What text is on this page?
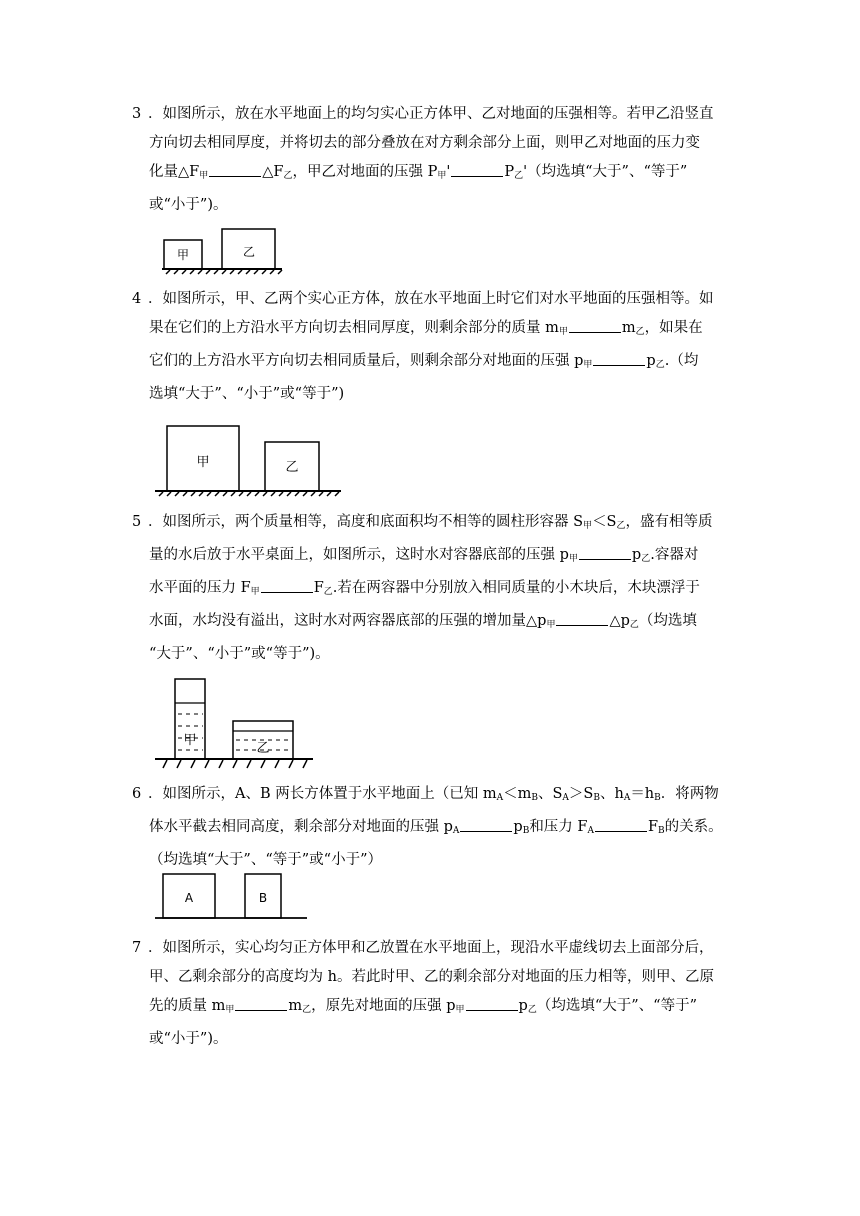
3 ．如图所示，放在水平地面上的均匀实心正方体甲、乙对地面的压强相等。若甲乙沿竖直

方向切去相同厚度，并将切去的部分叠放在对方剩余部分上面，则甲乙对地面的压力变

化量$\triangle F_甲$	$\triangle F_乙$，甲乙对地面的压强 $P_甲'$	$P_乙'$（均选填“大于”、“等于”

或“小于”)。

甲	乙

4 ．如图所示，甲、乙两个实心正方体，放在水平地面上时它们对水平地面的压强相等。如

果在它们的上方沿水平方向切去相同厚度，则剩余部分的质量 $m_甲$	$m_乙$，如果在

它们的上方沿水平方向切去相同质量后，则剩余部分对地面的压强 $p_甲$	$p_乙$.（均

选填“大于”、“小于”或“等于”)

甲	乙

5 ．如图所示，两个质量相等，高度和底面积均不相等的圆柱形容器 $S_甲<S_乙$，盛有相等质

量的水后放于水平桌面上，如图所示，这时水对容器底部的压强 $p_甲$	$p_乙$.容器对

水平面的压力 $F_甲$	$F_乙$.若在两容器中分别放入相同质量的小木块后，木块漂浮于

水面，水均没有溢出，这时水对两容器底部的压强的增加量$\triangle p_甲$	$\triangle p_乙$（均选填

“大于”、“小于”或“等于”)。

甲
乙

6 ．如图所示，A、B 两长方体置于水平地面上（已知 $m_A<m_B$、$S_A>S_B$、$h_A=h_B$．将两物

体水平截去相同高度，剩余部分对地面的压强 $p_A$	$p_B$和压力 $F_A$	$F_B$的关系。

（均选填“大于”、“等于”或“小于”）

A	B

7 ．如图所示，实心均匀正方体甲和乙放置在水平地面上，现沿水平虚线切去上面部分后，

甲、乙剩余部分的高度均为 h。若此时甲、乙的剩余部分对地面的压力相等，则甲、乙原

先的质量 $m_甲$	$m_乙$，原先对地面的压强 $p_甲$	$p_乙$（均选填“大于”、“等于”

或“小于”)。
